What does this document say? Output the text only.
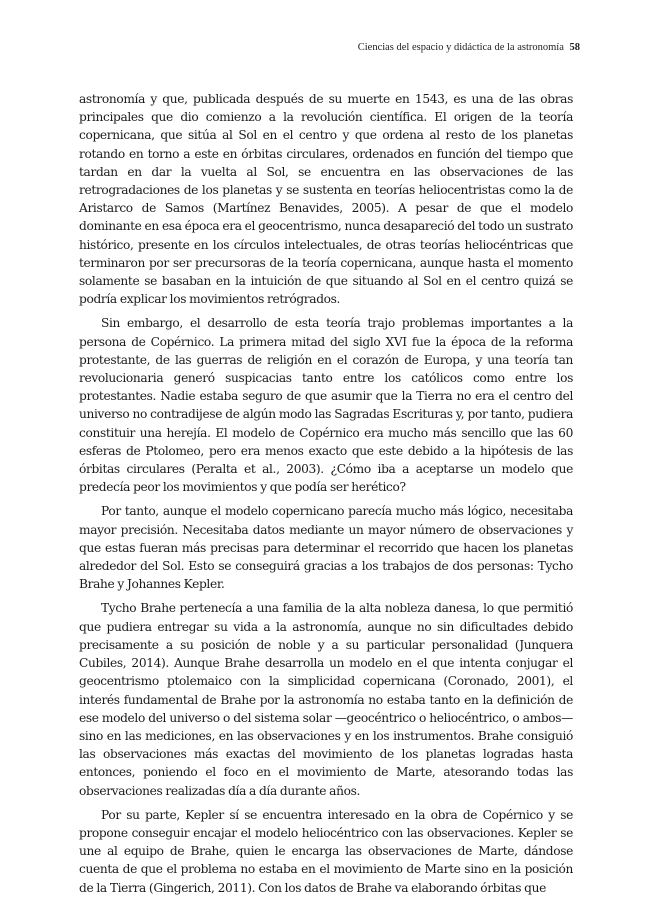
Ciencias del espacio y didáctica de la astronomía 58

astronomía y que, publicada después de su muerte en 1543, es una de las obras principales que dio comienzo a la revolución científica. El origen de la teoría copernicana, que sitúa al Sol en el centro y que ordena al resto de los planetas rotando en torno a este en órbitas circulares, ordenados en función del tiempo que tardan en dar la vuelta al Sol, se encuentra en las observaciones de las retrogradaciones de los planetas y se sustenta en teorías heliocentristas como la de Aristarco de Samos (Martínez Benavides, 2005). A pesar de que el modelo dominante en esa época era el geocentrismo, nunca desapareció del todo un sustrato histórico, presente en los círculos intelectuales, de otras teorías heliocéntricas que terminaron por ser precursoras de la teoría copernicana, aunque hasta el momento solamente se basaban en la intuición de que situando al Sol en el centro quizá se podría explicar los movimientos retrógrados.

Sin embargo, el desarrollo de esta teoría trajo problemas importantes a la persona de Copérnico. La primera mitad del siglo XVI fue la época de la reforma protestante, de las guerras de religión en el corazón de Europa, y una teoría tan revolucionaria generó suspicacias tanto entre los católicos como entre los protestantes. Nadie estaba seguro de que asumir que la Tierra no era el centro del universo no contradijese de algún modo las Sagradas Escrituras y, por tanto, pudiera constituir una herejía. El modelo de Copérnico era mucho más sencillo que las 60 esferas de Ptolomeo, pero era menos exacto que este debido a la hipótesis de las órbitas circulares (Peralta et al., 2003). ¿Cómo iba a aceptarse un modelo que predecía peor los movimientos y que podía ser herético?

Por tanto, aunque el modelo copernicano parecía mucho más lógico, necesitaba mayor precisión. Necesitaba datos mediante un mayor número de observaciones y que estas fueran más precisas para determinar el recorrido que hacen los planetas alrededor del Sol. Esto se conseguirá gracias a los trabajos de dos personas: Tycho Brahe y Johannes Kepler.

Tycho Brahe pertenecía a una familia de la alta nobleza danesa, lo que permitió que pudiera entregar su vida a la astronomía, aunque no sin dificultades debido precisamente a su posición de noble y a su particular personalidad (Junquera Cubiles, 2014). Aunque Brahe desarrolla un modelo en el que intenta conjugar el geocentrismo ptolemaico con la simplicidad copernicana (Coronado, 2001), el interés fundamental de Brahe por la astronomía no estaba tanto en la definición de ese modelo del universo o del sistema solar —geocéntrico o heliocéntrico, o ambos— sino en las mediciones, en las observaciones y en los instrumentos. Brahe consiguió las observaciones más exactas del movimiento de los planetas logradas hasta entonces, poniendo el foco en el movimiento de Marte, atesorando todas las observaciones realizadas día a día durante años.

Por su parte, Kepler sí se encuentra interesado en la obra de Copérnico y se propone conseguir encajar el modelo heliocéntrico con las observaciones. Kepler se une al equipo de Brahe, quien le encarga las observaciones de Marte, dándose cuenta de que el problema no estaba en el movimiento de Marte sino en la posición de la Tierra (Gingerich, 2011). Con los datos de Brahe va elaborando órbitas que
